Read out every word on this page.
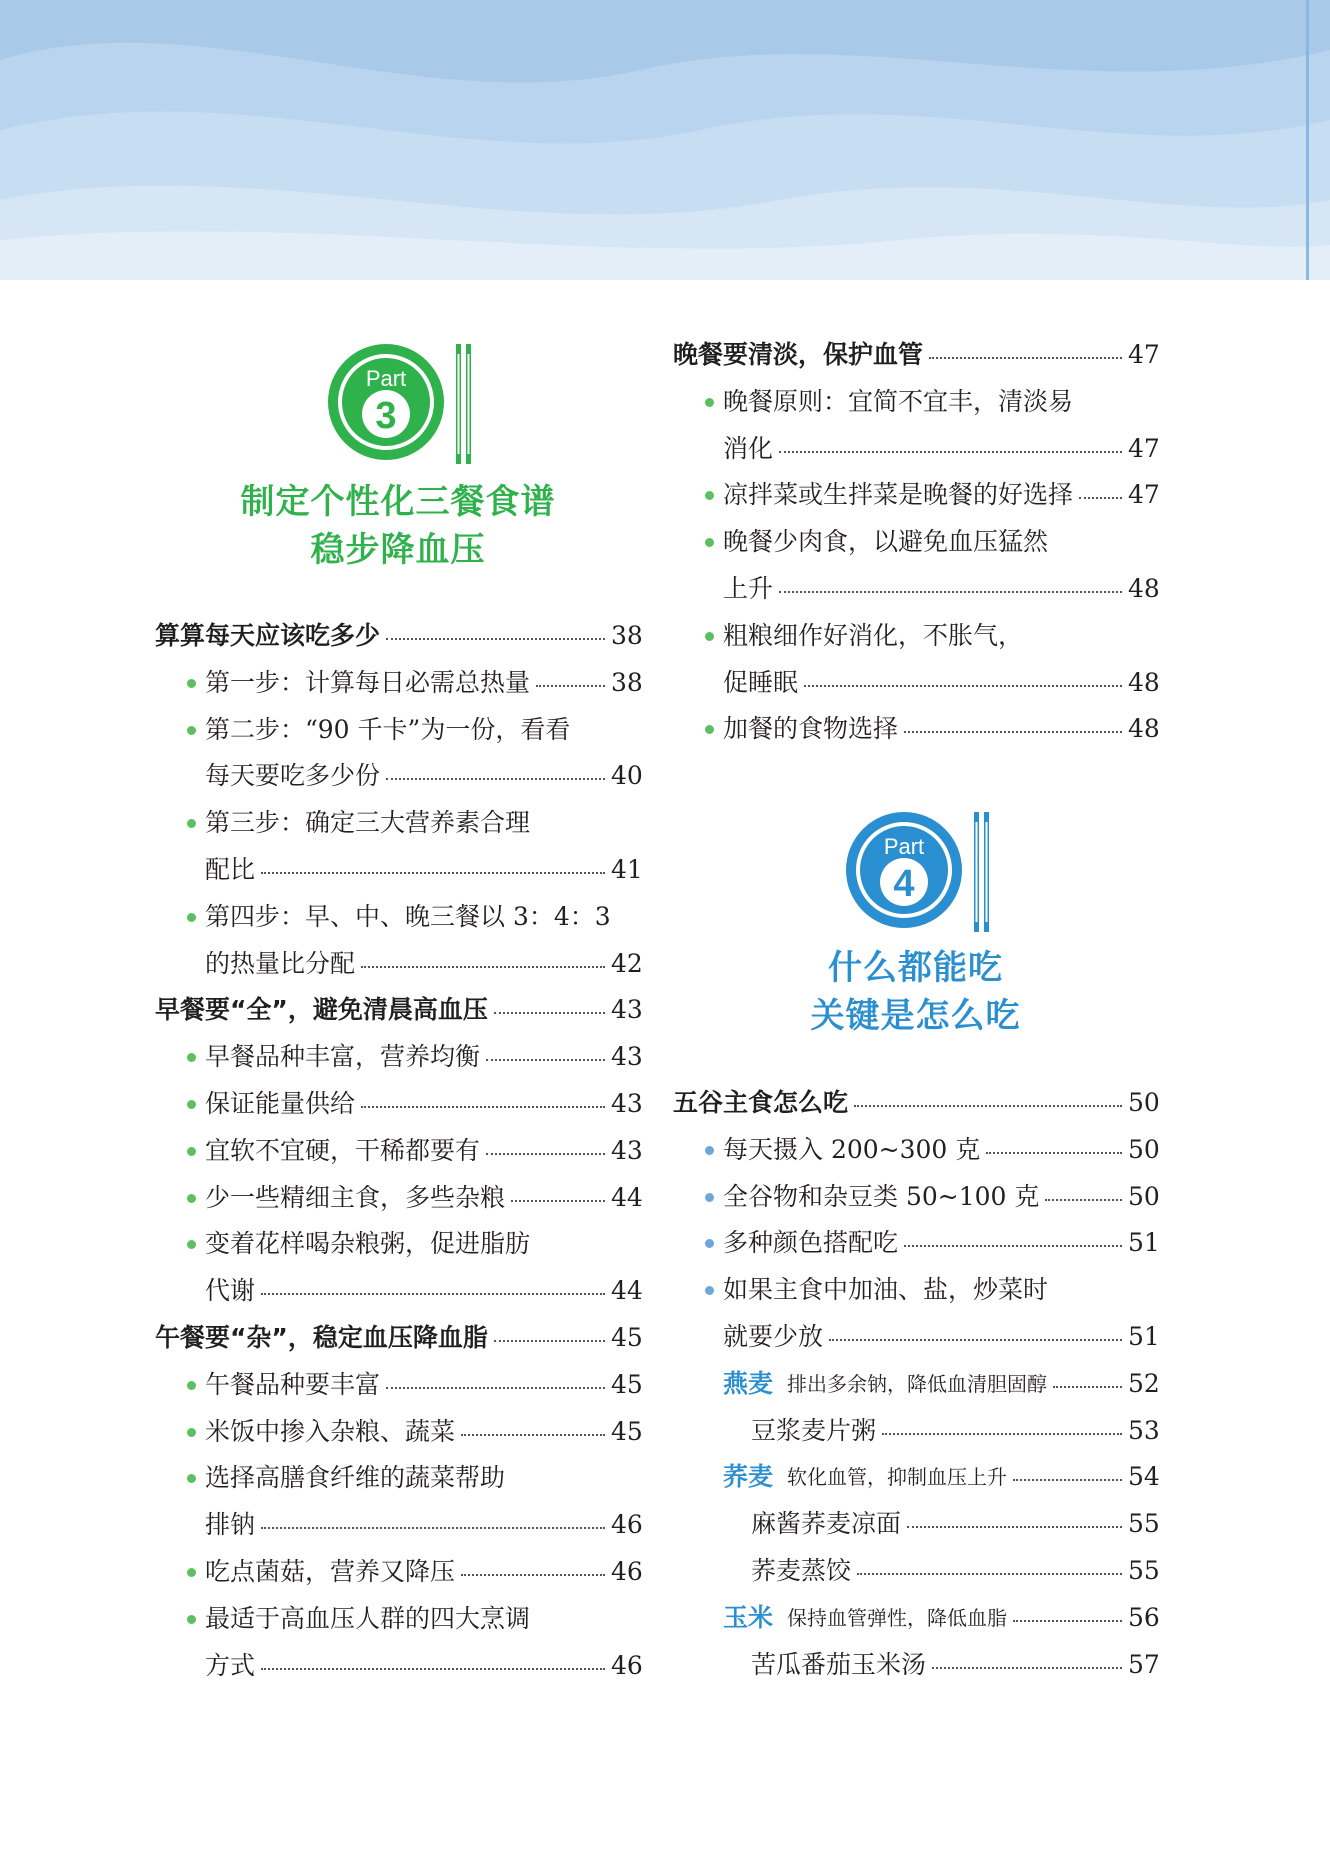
Part
3
制定个性化三餐食谱
稳步降血压
Part
4
什么都能吃
关键是怎么吃
算算每天应该吃多少	38
第一步：计算每日必需总热量	38
第二步：“90 千卡”为一份，看看
每天要吃多少份	40
第三步：确定三大营养素合理
配比	41
第四步：早、中、晚三餐以 3：4：3
的热量比分配	42
早餐要“全”，避免清晨高血压	43
早餐品种丰富，营养均衡	43
保证能量供给	43
宜软不宜硬，干稀都要有	43
少一些精细主食，多些杂粮	44
变着花样喝杂粮粥，促进脂肪
代谢	44
午餐要“杂”，稳定血压降血脂	45
午餐品种要丰富	45
米饭中掺入杂粮、蔬菜	45
选择高膳食纤维的蔬菜帮助
排钠	46
吃点菌菇，营养又降压	46
最适于高血压人群的四大烹调
方式	46
晚餐要清淡，保护血管	47
晚餐原则：宜简不宜丰，清淡易
消化	47
凉拌菜或生拌菜是晚餐的好选择 47
晚餐少肉食，以避免血压猛然
上升	48
粗粮细作好消化，不胀气，
促睡眠	48
加餐的食物选择	48
五谷主食怎么吃	50
每天摄入 200~300 克	50
全谷物和杂豆类 50~100 克	50
多种颜色搭配吃	51
如果主食中加油、盐，炒菜时
就要少放	51
燕麦 排出多余钠，降低血清胆固醇	52
豆浆麦片粥	53
荞麦 软化血管，抑制血压上升	54
麻酱荞麦凉面	55
荞麦蒸饺	55
玉米 保持血管弹性，降低血脂	56
苦瓜番茄玉米汤	57
